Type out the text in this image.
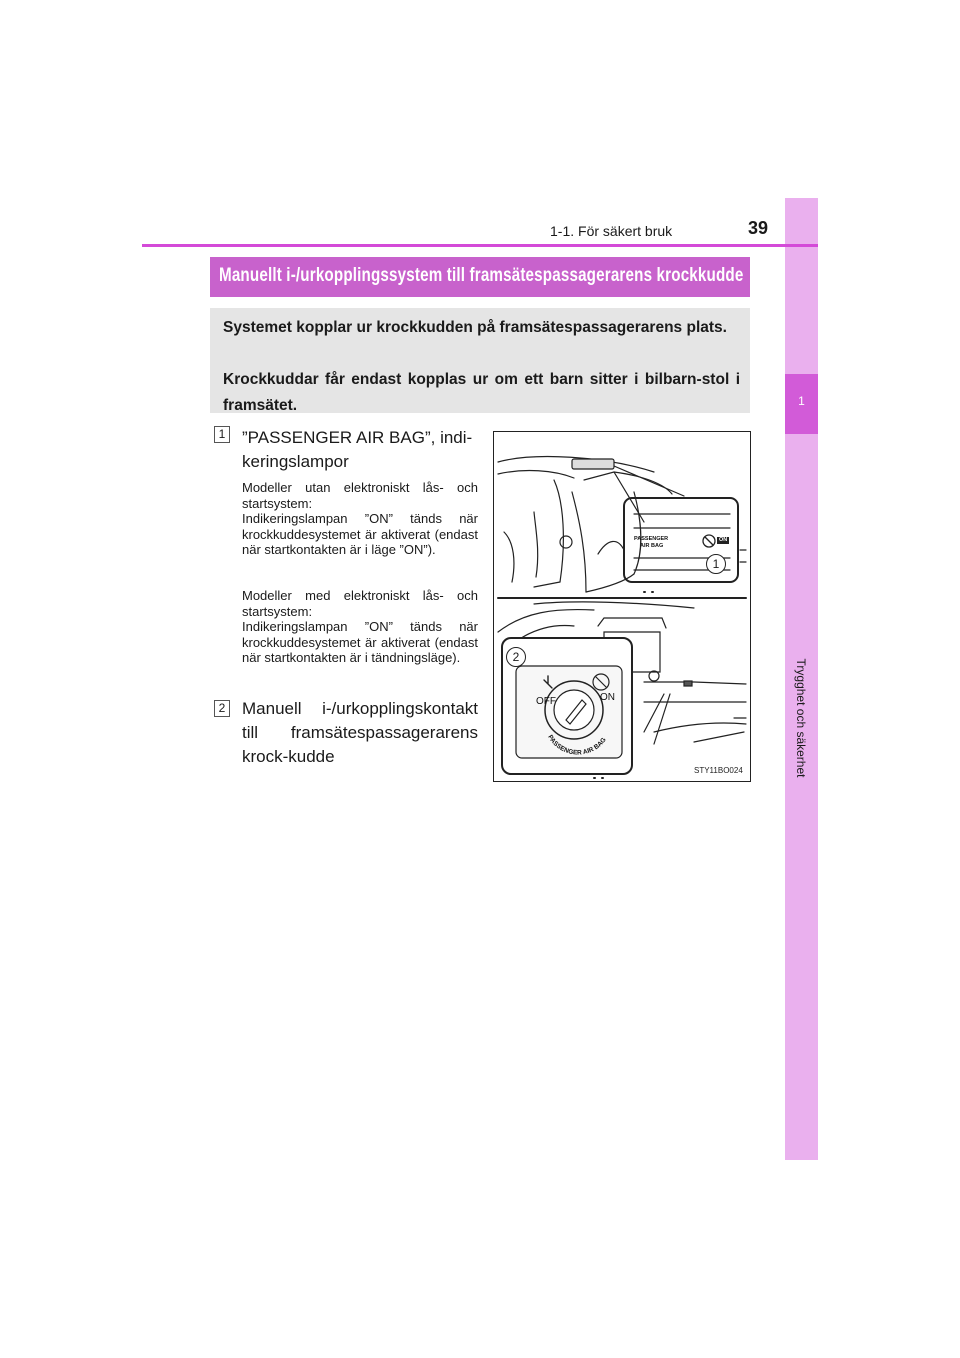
1
Trygghet och säkerhet
1-1. För säkert bruk	39
Manuellt i-/urkopplingssystem till framsätespassagerarens krockkudde

Systemet kopplar ur krockkudden på framsätespassagerarens plats.

Krockkuddar får endast kopplas ur om ett barn sitter i bilbarn-stol i framsätet.

1 ”PASSENGER AIR BAG”, indi-keringslampor
Modeller utan elektroniskt lås- och startsystem:
Indikeringslampan ”ON” tänds när krockkuddesystemet är aktiverat (endast när startkontakten är i läge ”ON”).
Modeller med elektroniskt lås- och startsystem:
Indikeringslampan ”ON” tänds när krockkuddesystemet är aktiverat (endast när startkontakten är i tändningsläge).
2 Manuell i-/urkopplingskontakt till framsätespassagerarens krock-kudde
PASSENGER AIR BAG
PASSENGER
AIR BAG
ON
1
2
OFF	ON
STY11BO024
